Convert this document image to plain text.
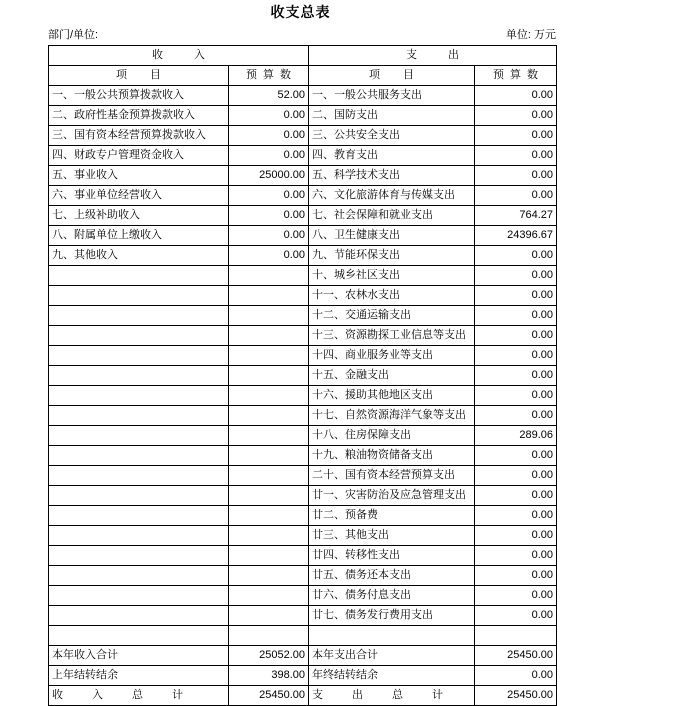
收支总表
部门/单位:	单位: 万元
收　入		支　出	
项　目	预算数	项　目	预算数
一、一般公共预算拨款收入	52.00	一、一般公共服务支出	0.00
二、政府性基金预算拨款收入	0.00	二、国防支出	0.00
三、国有资本经营预算拨款收入	0.00	三、公共安全支出	0.00
四、财政专户管理资金收入	0.00	四、教育支出	0.00
五、事业收入	25000.00	五、科学技术支出	0.00
六、事业单位经营收入	0.00	六、文化旅游体育与传媒支出	0.00
七、上级补助收入	0.00	七、社会保障和就业支出	764.27
八、附属单位上缴收入	0.00	八、卫生健康支出	24396.67
九、其他收入	0.00	九、节能环保支出	0.00
		十、城乡社区支出	0.00
		十一、农林水支出	0.00
		十二、交通运输支出	0.00
		十三、资源勘探工业信息等支出	0.00
		十四、商业服务业等支出	0.00
		十五、金融支出	0.00
		十六、援助其他地区支出	0.00
		十七、自然资源海洋气象等支出	0.00
		十八、住房保障支出	289.06
		十九、粮油物资储备支出	0.00
		二十、国有资本经营预算支出	0.00
		廿一、灾害防治及应急管理支出	0.00
		廿二、预备费	0.00
		廿三、其他支出	0.00
		廿四、转移性支出	0.00
		廿五、债务还本支出	0.00
		廿六、债务付息支出	0.00
		廿七、债务发行费用支出	0.00

本年收入合计	25052.00	本年支出合计	25450.00
上年结转结余	398.00	年终结转结余	0.00
收　入　总　计	25450.00	支　出　总　计	25450.00
